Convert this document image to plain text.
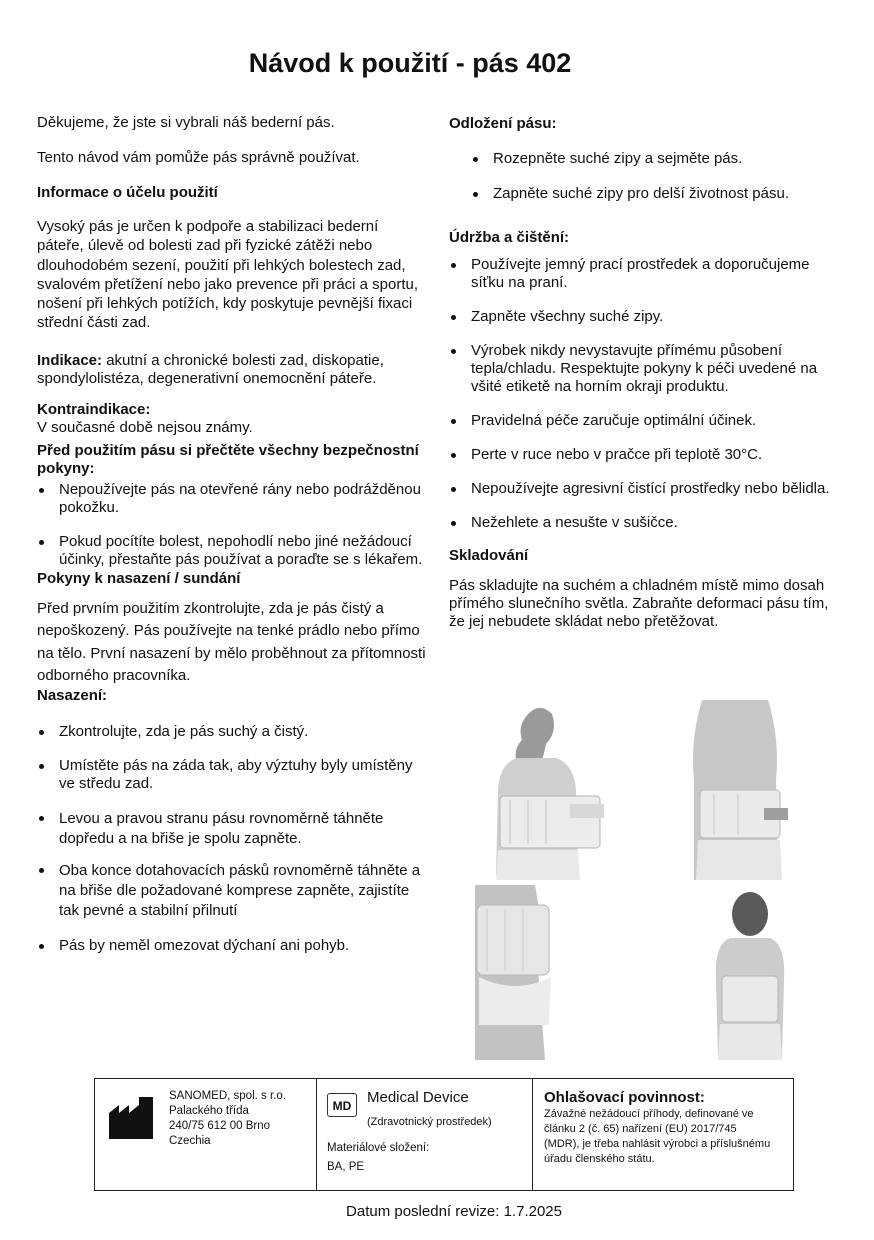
Návod k použití - pás 402

Děkujeme, že jste si vybrali náš bederní pás.

Tento návod vám pomůže pás správně používat.

Informace o účelu použití

Vysoký pás je určen k podpoře a stabilizaci bederní páteře, úlevě od bolesti zad při fyzické zátěži nebo dlouhodobém sezení, použití při lehkých bolestech zad, svalovém přetížení nebo jako prevence při práci a sportu, nošení při lehkých potížích, kdy poskytuje pevnější fixaci střední části zad.

Indikace: akutní a chronické bolesti zad, diskopatie, spondylolistéza, degenerativní onemocnění páteře.

Kontraindikace:

V současné době nejsou známy.

Před použitím pásu si přečtěte všechny bezpečnostní pokyny:

Nepoužívejte pás na otevřené rány nebo podrážděnou pokožku.
Pokud pocítíte bolest, nepohodlí nebo jiné nežádoucí účinky, přestaňte pás používat a poraďte se s lékařem.

Pokyny k nasazení / sundání

Před prvním použitím zkontrolujte, zda je pás čistý a nepoškozený. Pás používejte na tenké prádlo nebo přímo na tělo. První nasazení by mělo proběhnout za přítomnosti odborného pracovníka.

Nasazení:

Zkontrolujte, zda je pás suchý a čistý.
Umístěte pás na záda tak, aby výztuhy byly umístěny ve středu zad.
Levou a pravou stranu pásu rovnoměrně táhněte dopředu a na břiše je spolu zapněte.
Oba konce dotahovacích pásků rovnoměrně táhněte a na břiše dle požadované komprese zapněte, zajistíte tak pevné a stabilní přilnutí
Pás by neměl omezovat dýchaní ani pohyb.

Odložení pásu:

Rozepněte suché zipy a sejměte pás.
Zapněte suché zipy pro delší životnost pásu.

Údržba a čištění:

Používejte jemný prací prostředek a doporučujeme síťku na praní.
Zapněte všechny suché zipy.
Výrobek nikdy nevystavujte přímému působení tepla/chladu. Respektujte pokyny k péči uvedené na všité etiketě na horním okraji produktu.
Pravidelná péče zaručuje optimální účinek.
Perte v ruce nebo v pračce při teplotě 30°C.
Nepoužívejte agresivní čistící prostředky nebo bělidla.
Nežehlete a nesušte v sušičce.

Skladování

Pás skladujte na suchém a chladném místě mimo dosah přímého slunečního světla. Zabraňte deformaci pásu tím, že jej nebudete skládat nebo přetěžovat.

SANOMED, spol. s r.o.
Palackého třída
240/75 612 00 Brno
Czechia
MD	Medical Device
(Zdravotnický prostředek)
Materiálové složení:
BA, PE
Ohlašovací povinnost:
Závažné nežádoucí příhody, definované ve článku 2 (č. 65) nařízení (EU) 2017/745 (MDR), je třeba nahlásit výrobci a příslušnému úřadu členského státu.
Datum poslední revize: 1.7.2025
